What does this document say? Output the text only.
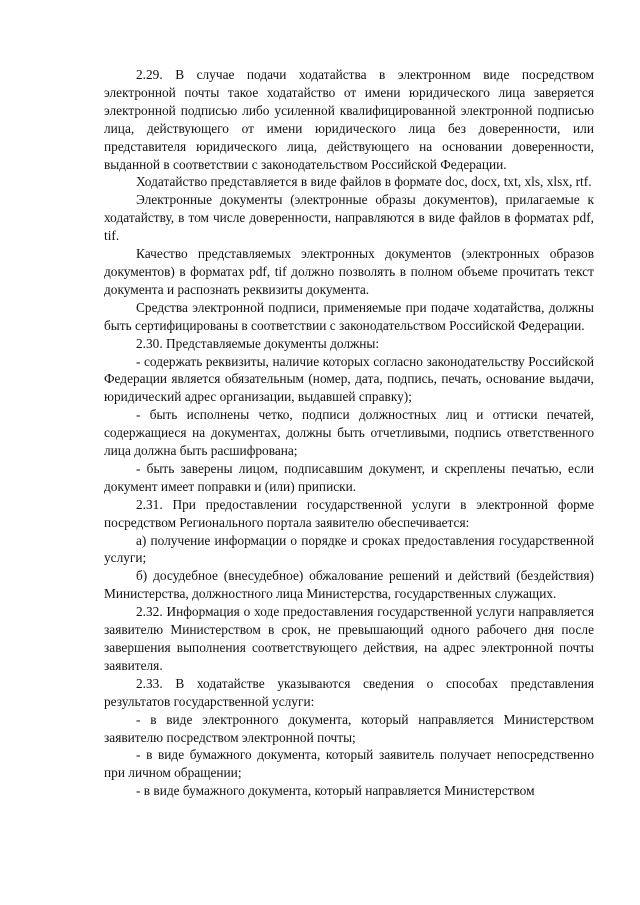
2.29. В случае подачи ходатайства в электронном виде посредством электронной почты такое ходатайство от имени юридического лица заверяется электронной подписью либо усиленной квалифицированной электронной подписью лица, действующего от имени юридического лица без доверенности, или представителя юридического лица, действующего на основании доверенности, выданной в соответствии с законодательством Российской Федерации.

Ходатайство представляется в виде файлов в формате doc, docx, txt, xls, xlsx, rtf.

Электронные документы (электронные образы документов), прилагаемые к ходатайству, в том числе доверенности, направляются в виде файлов в форматах pdf, tif.

Качество представляемых электронных документов (электронных образов документов) в форматах pdf, tif должно позволять в полном объеме прочитать текст документа и распознать реквизиты документа.

Средства электронной подписи, применяемые при подаче ходатайства, должны быть сертифицированы в соответствии с законодательством Российской Федерации.

2.30. Представляемые документы должны:

- содержать реквизиты, наличие которых согласно законодательству Российской Федерации является обязательным (номер, дата, подпись, печать, основание выдачи, юридический адрес организации, выдавшей справку);

- быть исполнены четко, подписи должностных лиц и оттиски печатей, содержащиеся на документах, должны быть отчетливыми, подпись ответственного лица должна быть расшифрована;

- быть заверены лицом, подписавшим документ, и скреплены печатью, если документ имеет поправки и (или) приписки.

2.31. При предоставлении государственной услуги в электронной форме посредством Регионального портала заявителю обеспечивается:

а) получение информации о порядке и сроках предоставления государственной услуги;

б) досудебное (внесудебное) обжалование решений и действий (бездействия) Министерства, должностного лица Министерства, государственных служащих.

2.32. Информация о ходе предоставления государственной услуги направляется заявителю Министерством в срок, не превышающий одного рабочего дня после завершения выполнения соответствующего действия, на адрес электронной почты заявителя.

2.33. В ходатайстве указываются сведения о способах представления результатов государственной услуги:

- в виде электронного документа, который направляется Министерством заявителю посредством электронной почты;

- в виде бумажного документа, который заявитель получает непосредственно при личном обращении;

- в виде бумажного документа, который направляется Министерством
